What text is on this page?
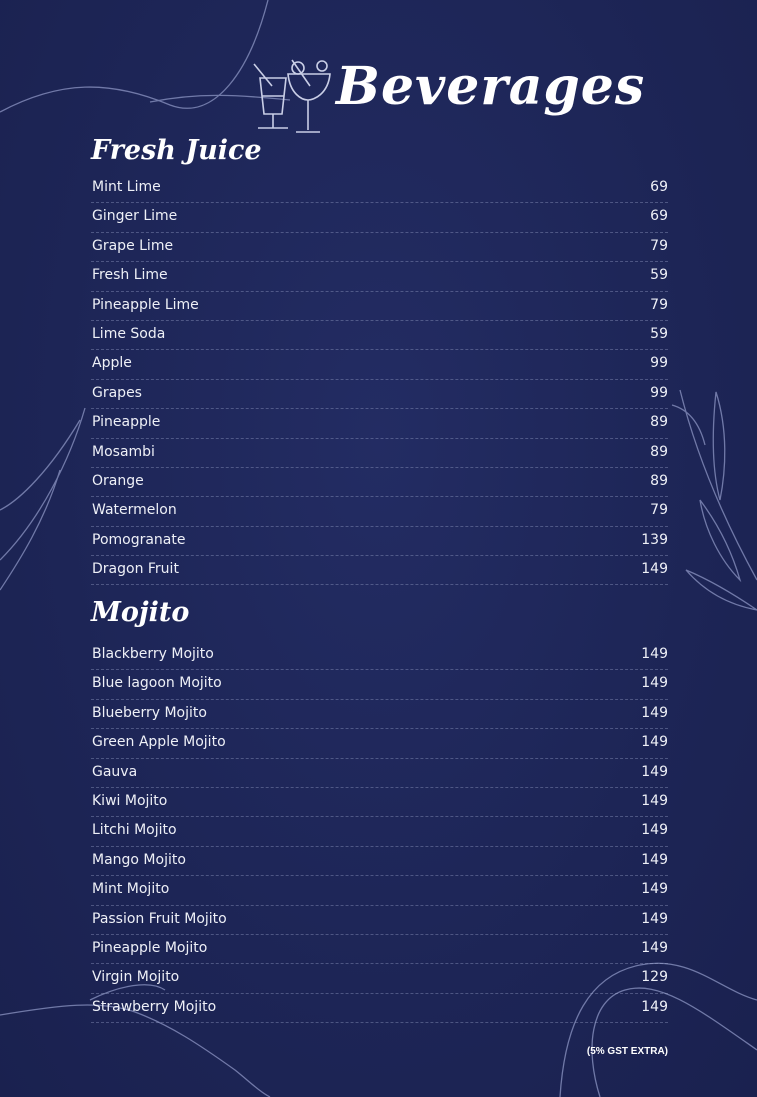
Beverages
Fresh Juice
Mint Lime	69
Ginger Lime	69
Grape Lime	79
Fresh Lime	59
Pineapple Lime	79
Lime Soda	59
Apple	99
Grapes	99
Pineapple	89
Mosambi	89
Orange	89
Watermelon	79
Pomogranate	139
Dragon Fruit	149
Mojito
Blackberry Mojito	149
Blue lagoon Mojito	149
Blueberry Mojito	149
Green Apple Mojito	149
Gauva	149
Kiwi Mojito	149
Litchi Mojito	149
Mango Mojito	149
Mint Mojito	149
Passion Fruit Mojito	149
Pineapple Mojito	149
Virgin Mojito	129
Strawberry Mojito	149
(5% GST EXTRA)
